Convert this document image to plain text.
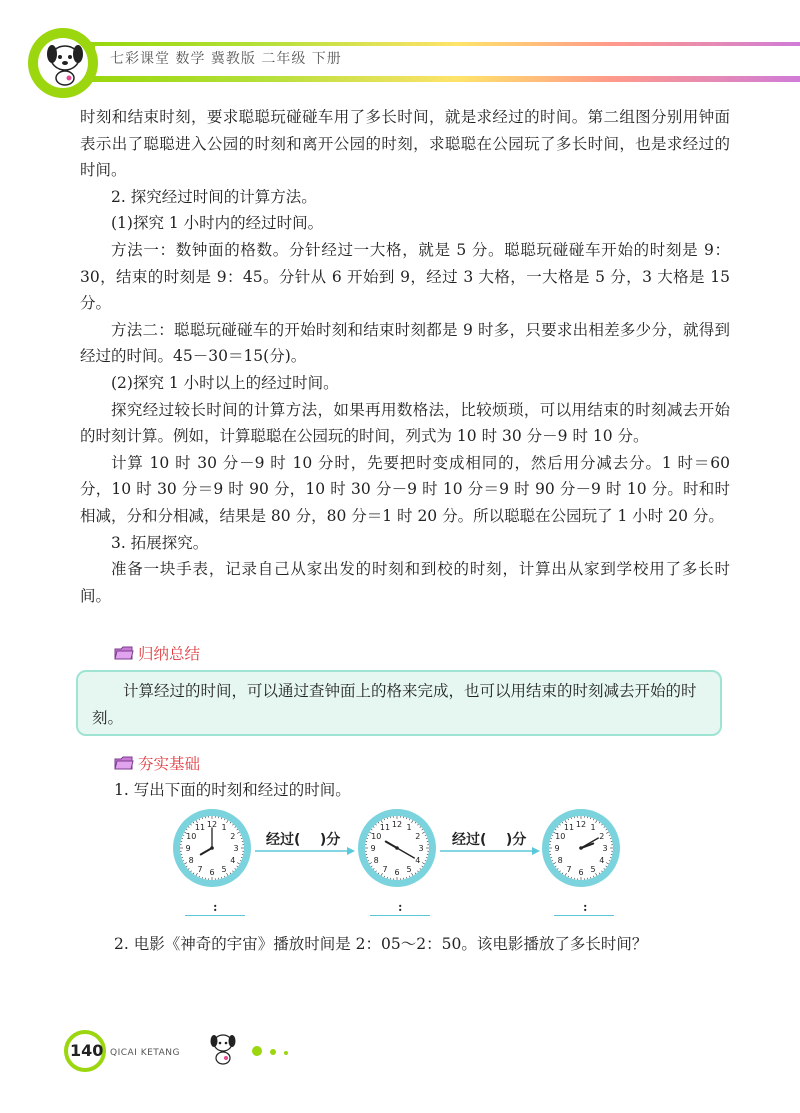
七彩课堂 数学 冀教版 二年级 下册

时刻和结束时刻，要求聪聪玩碰碰车用了多长时间，就是求经过的时间。第二组图分别用钟面表示出了聪聪进入公园的时刻和离开公园的时刻，求聪聪在公园玩了多长时间，也是求经过的时间。

2. 探究经过时间的计算方法。

(1)探究 1 小时内的经过时间。

方法一：数钟面的格数。分针经过一大格，就是 5 分。聪聪玩碰碰车开始的时刻是 9：30，结束的时刻是 9：45。分针从 6 开始到 9，经过 3 大格，一大格是 5 分，3 大格是 15 分。

方法二：聪聪玩碰碰车的开始时刻和结束时刻都是 9 时多，只要求出相差多少分，就得到经过的时间。45－30＝15(分)。

(2)探究 1 小时以上的经过时间。

探究经过较长时间的计算方法，如果再用数格法，比较烦琐，可以用结束的时刻减去开始的时刻计算。例如，计算聪聪在公园玩的时间，列式为 10 时 30 分－9 时 10 分。

计算 10 时 30 分－9 时 10 分时，先要把时变成相同的，然后用分减去分。1 时＝60 分，10 时 30 分＝9 时 90 分，10 时 30 分－9 时 10 分＝9 时 90 分－9 时 10 分。时和时相减，分和分相减，结果是 80 分，80 分＝1 时 20 分。所以聪聪在公园玩了 1 小时 20 分。

3. 拓展探究。

准备一块手表，记录自己从家出发的时刻和到校的时刻，计算出从家到学校用了多长时间。

归纳总结

计算经过的时间，可以通过查钟面上的格来完成，也可以用结束的时刻减去开始的时刻。

夯实基础
1. 写出下面的时刻和经过的时间。
12 1
2
3
4
5
6
7
8
9
10
11	12 1
2
3
4
5
6
7
8
9
10
11	12 1
2
3
4
5
6
7
8
9
10
11
经过(    )分	经过(    )分
:	:	:
2. 电影《神奇的宇宙》播放时间是 2：05～2：50。该电影播放了多长时间？
140 QICAI KETANG
